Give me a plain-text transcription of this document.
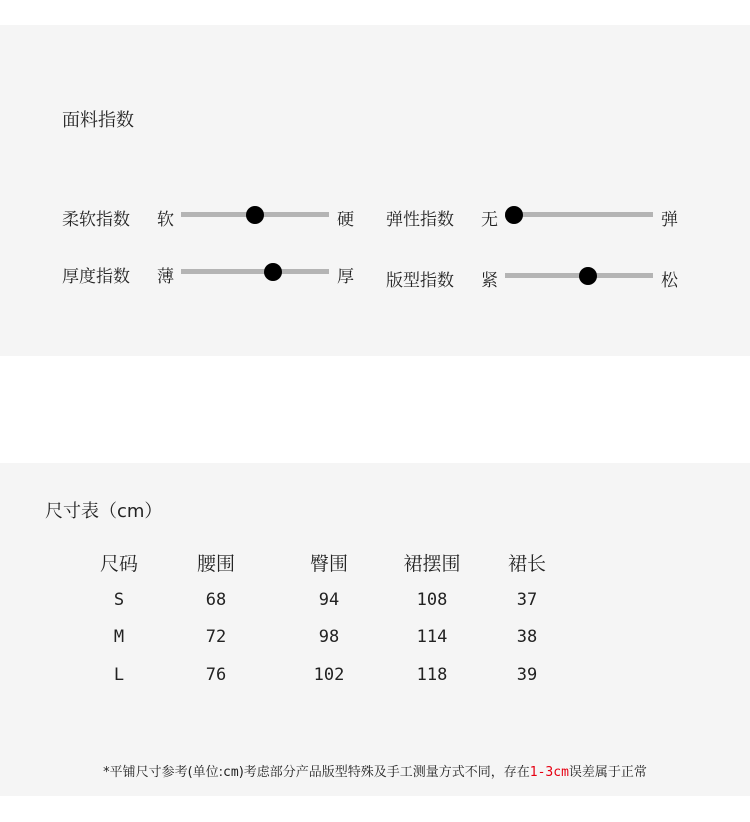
面料指数
柔软指数 软	硬 弹性指数 无	弹
厚度指数 薄	厚 版型指数 紧	松
尺寸表（cm）
尺码	腰围	臀围	裙摆围	裙长
S	68	94	108	37
M	72	98	114	38
L	76	102	118	39
*平铺尺寸参考(单位:cm)考虑部分产品版型特殊及手工测量方式不同，存在1-3cm误差属于正常
